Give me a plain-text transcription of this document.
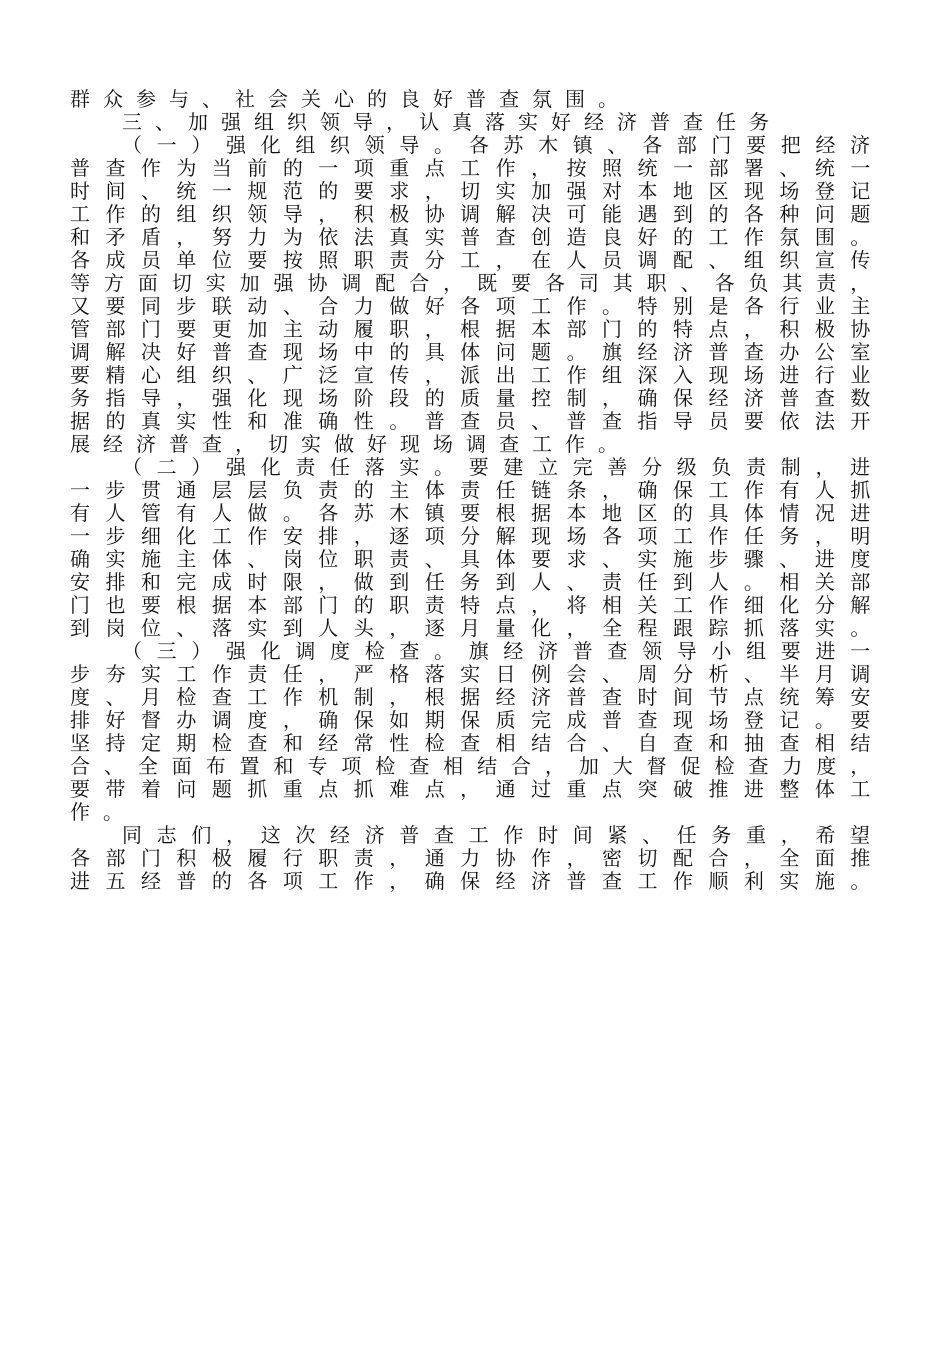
群众参与、社会关心的良好普查氛围。
三、加强组织领导，认真落实好经济普查任务
（ 一 ） 强 化 组 织 领 导 。 各 苏 木 镇 、 各 部 门 要 把 经 济
普 查 作 为 当 前 的 一 项 重 点 工 作 ， 按 照 统 一 部 署 、 统 一
时 间 、 统 一 规 范 的 要 求 ， 切 实 加 强 对 本 地 区 现 场 登 记
工 作 的 组 织 领 导 ， 积 极 协 调 解 决 可 能 遇 到 的 各 种 问 题
和 矛 盾 ， 努 力 为 依 法 真 实 普 查 创 造 良 好 的 工 作 氛 围 。
各 成 员 单 位 要 按 照 职 责 分 工 ， 在 人 员 调 配 、 组 织 宣 传
等 方 面 切 实 加 强 协 调 配 合 ， 既 要 各 司 其 职 、 各 负 其 责 ，
又 要 同 步 联 动 、 合 力 做 好 各 项 工 作 。 特 别 是 各 行 业 主
管 部 门 要 更 加 主 动 履 职 ， 根 据 本 部 门 的 特 点 ， 积 极 协
调 解 决 好 普 查 现 场 中 的 具 体 问 题 。 旗 经 济 普 查 办 公 室
要 精 心 组 织 、 广 泛 宣 传 ， 派 出 工 作 组 深 入 现 场 进 行 业
务 指 导 ， 强 化 现 场 阶 段 的 质 量 控 制 ， 确 保 经 济 普 查 数
据 的 真 实 性 和 准 确 性 。 普 查 员 、 普 查 指 导 员 要 依 法 开
展经济普查，切实做好现场调查工作。
（ 二 ） 强 化 责 任 落 实 。 要 建 立 完 善 分 级 负 责 制 ， 进
一 步 贯 通 层 层 负 责 的 主 体 责 任 链 条 ， 确 保 工 作 有 人 抓
有 人 管 有 人 做 。 各 苏 木 镇 要 根 据 本 地 区 的 具 体 情 况 进
一 步 细 化 工 作 安 排 ， 逐 项 分 解 现 场 各 项 工 作 任 务 ， 明
确 实 施 主 体 、 岗 位 职 责 、 具 体 要 求 、 实 施 步 骤 、 进 度
安 排 和 完 成 时 限 ， 做 到 任 务 到 人 、 责 任 到 人 。 相 关 部
门 也 要 根 据 本 部 门 的 职 责 特 点 ， 将 相 关 工 作 细 化 分 解
到 岗 位 、 落 实 到 人 头 ， 逐 月 量 化 ， 全 程 跟 踪 抓 落 实 。
（ 三 ） 强 化 调 度 检 查 。 旗 经 济 普 查 领 导 小 组 要 进 一
步 夯 实 工 作 责 任 ， 严 格 落 实 日 例 会 、 周 分 析 、 半 月 调
度 、 月 检 查 工 作 机 制 ， 根 据 经 济 普 查 时 间 节 点 统 筹 安
排 好 督 办 调 度 ， 确 保 如 期 保 质 完 成 普 查 现 场 登 记 。 要
坚 持 定 期 检 查 和 经 常 性 检 查 相 结 合 、 自 查 和 抽 查 相 结
合 、 全 面 布 置 和 专 项 检 查 相 结 合 ， 加 大 督 促 检 查 力 度 ，
要 带 着 问 题 抓 重 点 抓 难 点 ， 通 过 重 点 突 破 推 进 整 体 工
作。
同 志 们 ， 这 次 经 济 普 查 工 作 时 间 紧 、 任 务 重 ， 希 望
各 部 门 积 极 履 行 职 责 ， 通 力 协 作 ， 密 切 配 合 ， 全 面 推
进 五 经 普 的 各 项 工 作 ， 确 保 经 济 普 查 工 作 顺 利 实 施 。
